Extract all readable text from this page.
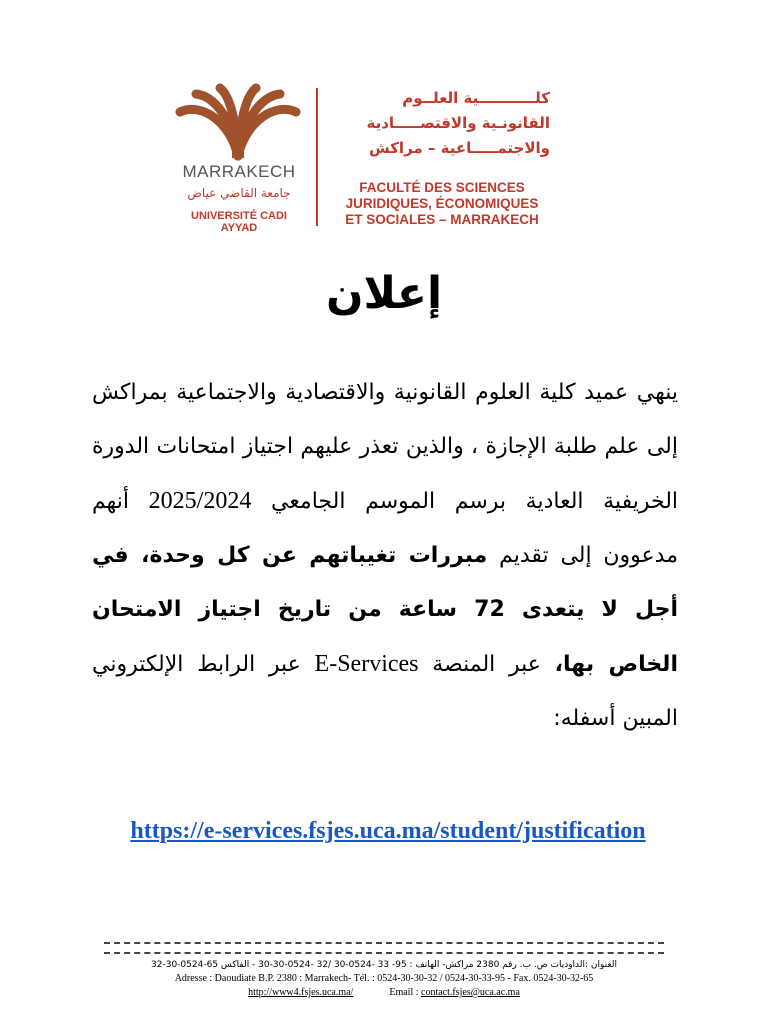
MARRAKECH
جامعة القاضي عياض
UNIVERSITÉ CADI AYYAD
كلـــــــــــية العلــوم
القانونـية والاقتصـــــادية
والاجتمـــــاعية – مراكش
FACULTÉ DES SCIENCES
JURIDIQUES, ÉCONOMIQUES
ET SOCIALES – MARRAKECH
إعلان
ينهي عميد كلية العلوم القانونية والاقتصادية والاجتماعية بمراكش إلى علم طلبة الإجازة ، والذين تعذر عليهم اجتياز امتحانات الدورة الخريفية العادية برسم الموسم الجامعي 2025/2024 أنهم مدعوون إلى تقديم مبررات تغيباتهم عن كل وحدة، في أجل لا يتعدى 72 ساعة من تاريخ اجتياز الامتحان الخاص بها، عبر المنصة E-Services عبر الرابط الإلكتروني المبين أسفله:
https://e-services.fsjes.uca.ma/student/justification
العنوان :الداوديات ص. ب. رقم 2380 مراكش- الهاتف : 95- 33 -0524-30 /32 -0524-30-30 - الفاكس 65-0524-30-32
Adresse : Daoudiate B.P. 2380 : Marrakech- Tél. : 0524-30-30-32 / 0524-30-33-95 - Fax. 0524-30-32-65
http://www4.fsjes.uca.ma/	Email : contact.fsjes@uca.ac.ma
